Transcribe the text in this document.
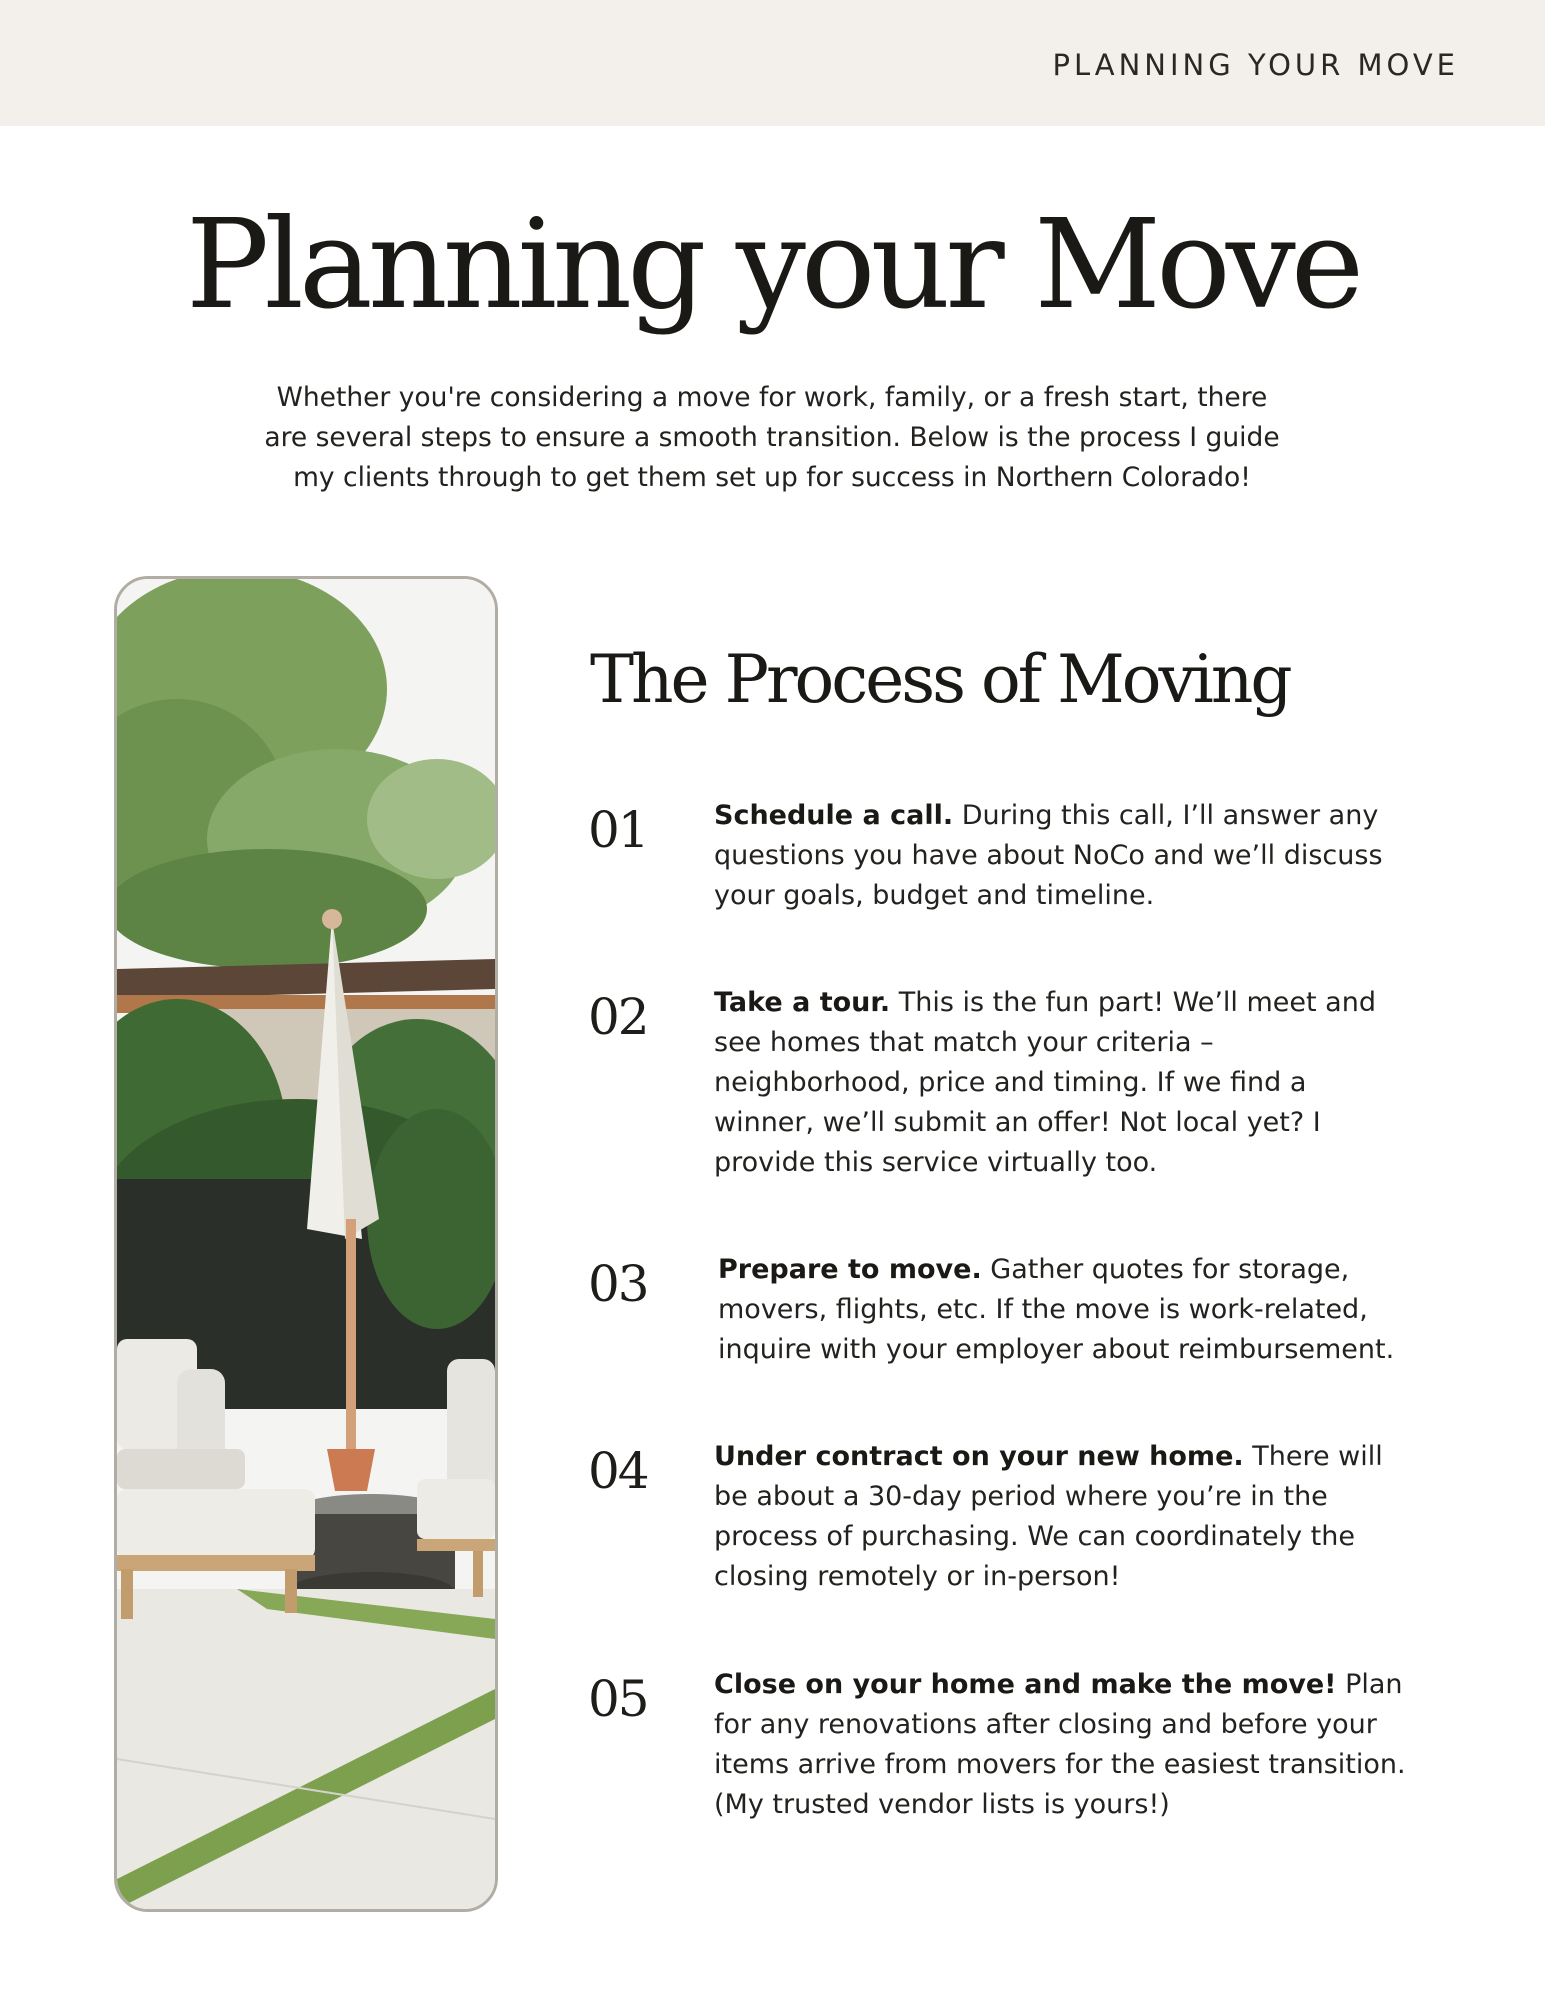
PLANNING YOUR MOVE
Planning your Move
Whether you're considering a move for work, family, or a fresh start, there are several steps to ensure a smooth transition. Below is the process I guide my clients through to get them set up for success in Northern Colorado!
The Process of Moving
01 Schedule a call. During this call, I’ll answer any questions you have about NoCo and we’ll discuss your goals, budget and timeline.
02 Take a tour. This is the fun part! We’ll meet and see homes that match your criteria – neighborhood, price and timing. If we find a winner, we’ll submit an offer! Not local yet? I provide this service virtually too.
03	Prepare to move. Gather quotes for storage, movers, flights, etc. If the move is work-related, inquire with your employer about reimbursement.
04 Under contract on your new home. There will be about a 30-day period where you’re in the process of purchasing. We can coordinately the closing remotely or in-person!
05 Close on your home and make the move! Plan for any renovations after closing and before your items arrive from movers for the easiest transition. (My trusted vendor lists is yours!)
